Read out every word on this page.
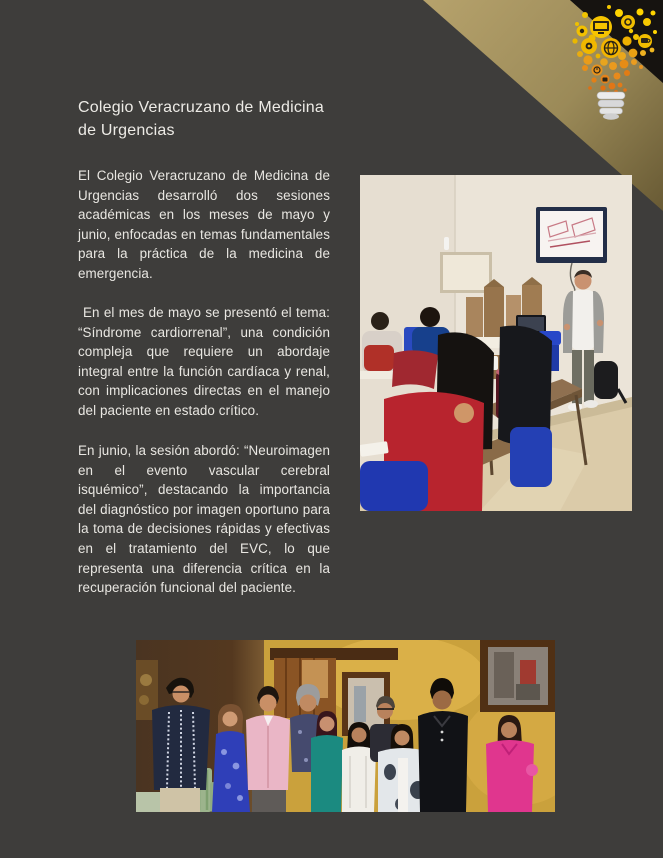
Colegio Veracruzano de Medicina de Urgencias

El Colegio Veracruzano de Medicina de Urgencias desarrolló dos sesiones académicas en los meses de mayo y junio, enfocadas en temas fundamentales para la práctica de la medicina de emergencia.

En el mes de mayo se presentó el tema: “Síndrome cardiorrenal”, una condición compleja que requiere un abordaje integral entre la función cardíaca y renal, con implicaciones directas en el manejo del paciente en estado crítico.

En junio, la sesión abordó: “Neuroimagen en el evento vascular cerebral isquémico”, destacando la importancia del diagnóstico por imagen oportuno para la toma de decisiones rápidas y efectivas en el tratamiento del EVC, lo que representa una diferencia crítica en la recuperación funcional del paciente.
